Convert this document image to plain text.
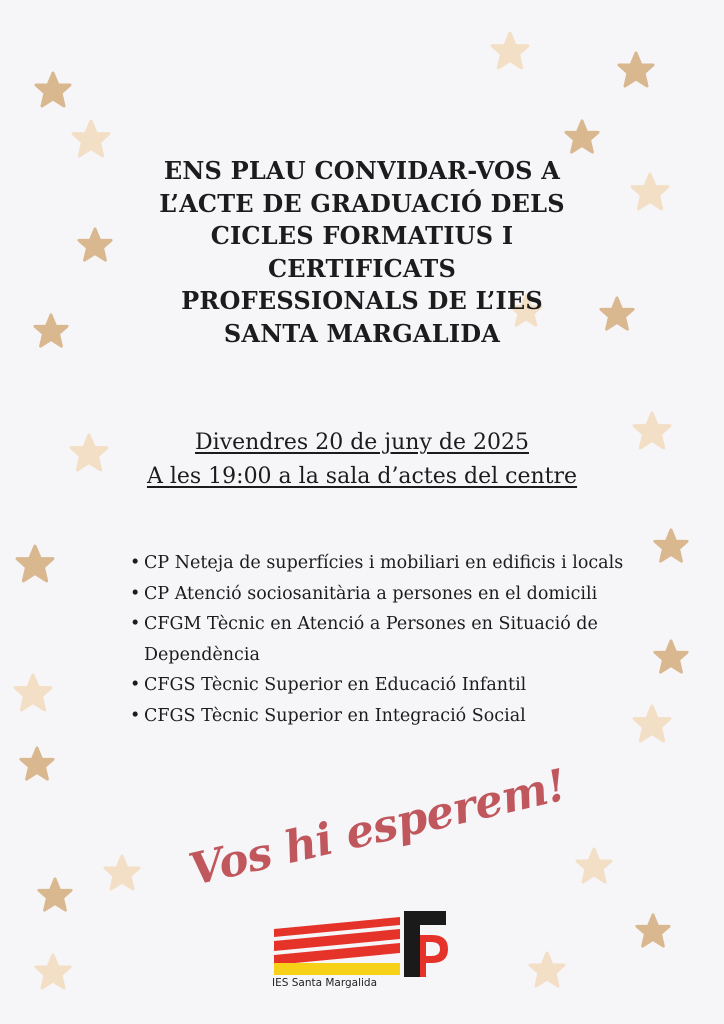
ENS PLAU CONVIDAR-VOS A
L’ACTE DE GRADUACIÓ DELS
CICLES FORMATIUS I
CERTIFICATS
PROFESSIONALS DE L’IES
SANTA MARGALIDA
Divendres 20 de juny de 2025
A les 19:00 a la sala d’actes del centre
• CP Neteja de superfícies i mobiliari en edificis i locals
• CP Atenció sociosanitària a persones en el domicili
• CFGM Tècnic en Atenció a Persones en Situació de Dependència
• CFGS Tècnic Superior en Educació Infantil
• CFGS Tècnic Superior en Integració Social
Vos hi esperem!
IES Santa Margalida
